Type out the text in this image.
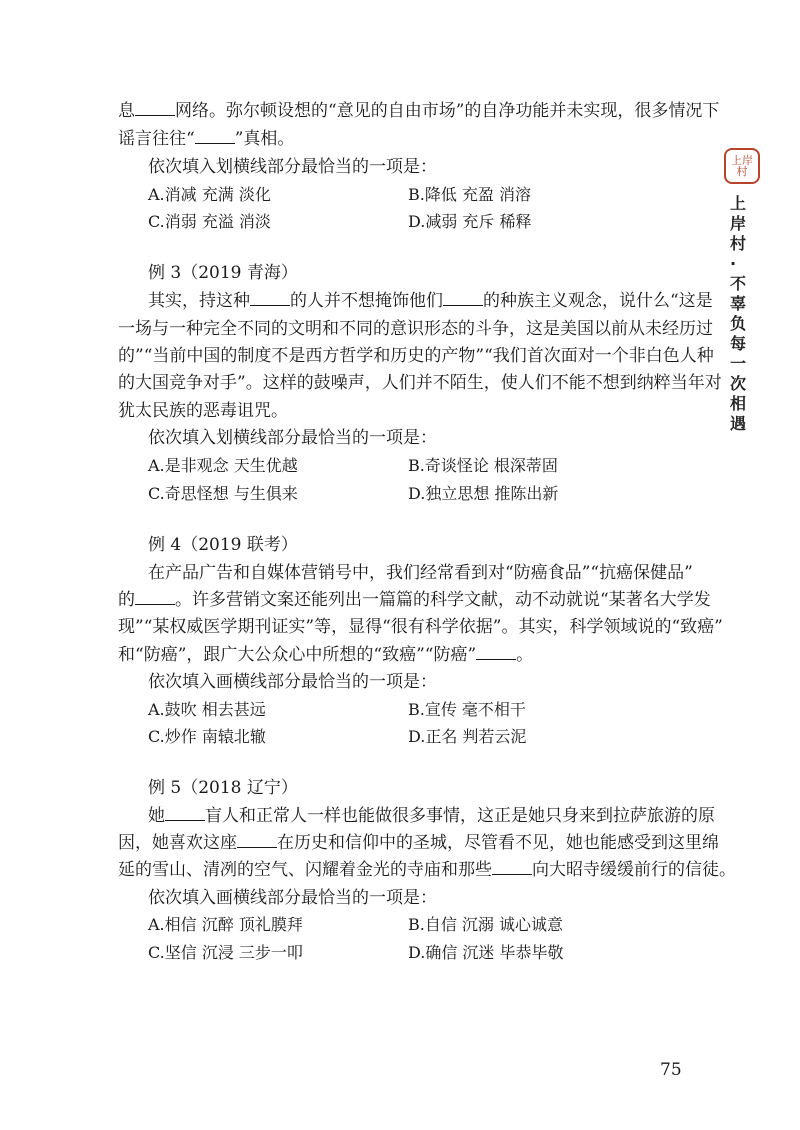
息 网络。弥尔顿设想的“意见的自由市场”的自净功能并未实现，很多情况下
谣言往往“ ”真相。
依次填入划横线部分最恰当的一项是：
A.消减 充满 淡化	B.降低 充盈 消溶
C.消弱 充溢 消淡	D.减弱 充斥 稀释
例 3（2019 青海）
其实，持这种 的人并不想掩饰他们 的种族主义观念，说什么“这是
一场与一种完全不同的文明和不同的意识形态的斗争，这是美国以前从未经历过
的”“当前中国的制度不是西方哲学和历史的产物”“我们首次面对一个非白色人种
的大国竞争对手”。这样的鼓噪声，人们并不陌生，使人们不能不想到纳粹当年对
犹太民族的恶毒诅咒。
依次填入划横线部分最恰当的一项是：
A.是非观念 天生优越	B.奇谈怪论 根深蒂固
C.奇思怪想 与生俱来	D.独立思想 推陈出新
例 4（2019 联考）
在产品广告和自媒体营销号中，我们经常看到对“防癌食品”“抗癌保健品”
的 。许多营销文案还能列出一篇篇的科学文献，动不动就说“某著名大学发
现”“某权威医学期刊证实”等，显得“很有科学依据”。其实，科学领域说的“致癌”
和“防癌”，跟广大公众心中所想的“致癌”“防癌” 。
依次填入画横线部分最恰当的一项是：
A.鼓吹 相去甚远	B.宣传 毫不相干
C.炒作 南辕北辙	D.正名 判若云泥
例 5（2018 辽宁）
她 盲人和正常人一样也能做很多事情，这正是她只身来到拉萨旅游的原
因，她喜欢这座 在历史和信仰中的圣城，尽管看不见，她也能感受到这里绵
延的雪山、清冽的空气、闪耀着金光的寺庙和那些 向大昭寺缓缓前行的信徒。
依次填入画横线部分最恰当的一项是：
A.相信 沉醉 顶礼膜拜	B.自信 沉溺 诚心诚意
C.坚信 沉浸 三步一叩	D.确信 沉迷 毕恭毕敬
上岸村
上岸村·不辜负每一次相遇
75
